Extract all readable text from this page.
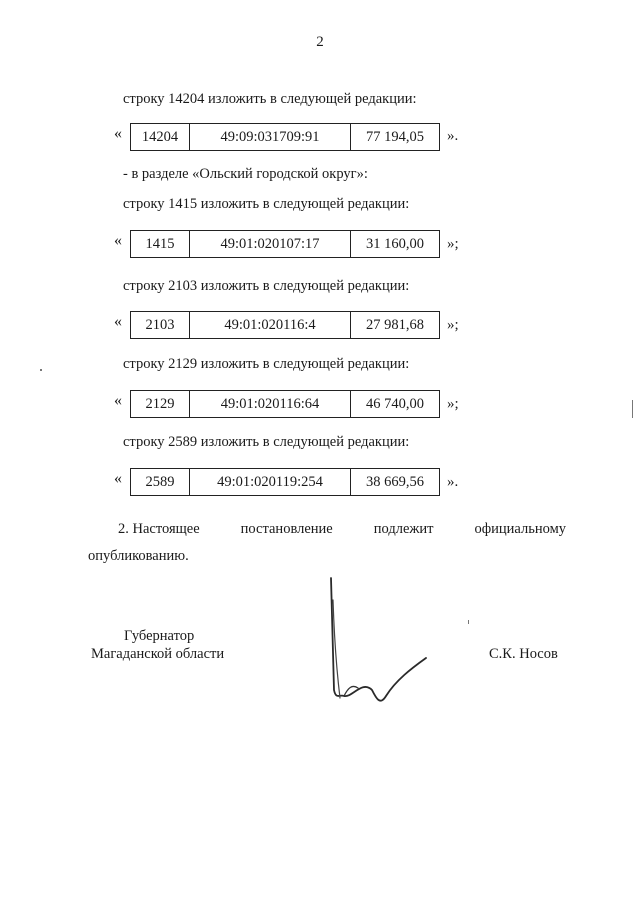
2
строку 14204 изложить в следующей редакции:
« 14204	49:09:031709:91	77 194,05 ».
- в разделе «Ольский городской округ»:
строку 1415 изложить в следующей редакции:
« 1415	49:01:020107:17	31 160,00 »;
строку 2103 изложить в следующей редакции:
« 2103	49:01:020116:4	27 981,68 »;
строку 2129 изложить в следующей редакции:
« 2129	49:01:020116:64	46 740,00 »;
строку 2589 изложить в следующей редакции:
« 2589	49:01:020119:254	38 669,56 ».
2. Настоящее	постановление	подлежит	официальному
опубликованию.
Губернатор
Магаданской области	С.К. Носов
